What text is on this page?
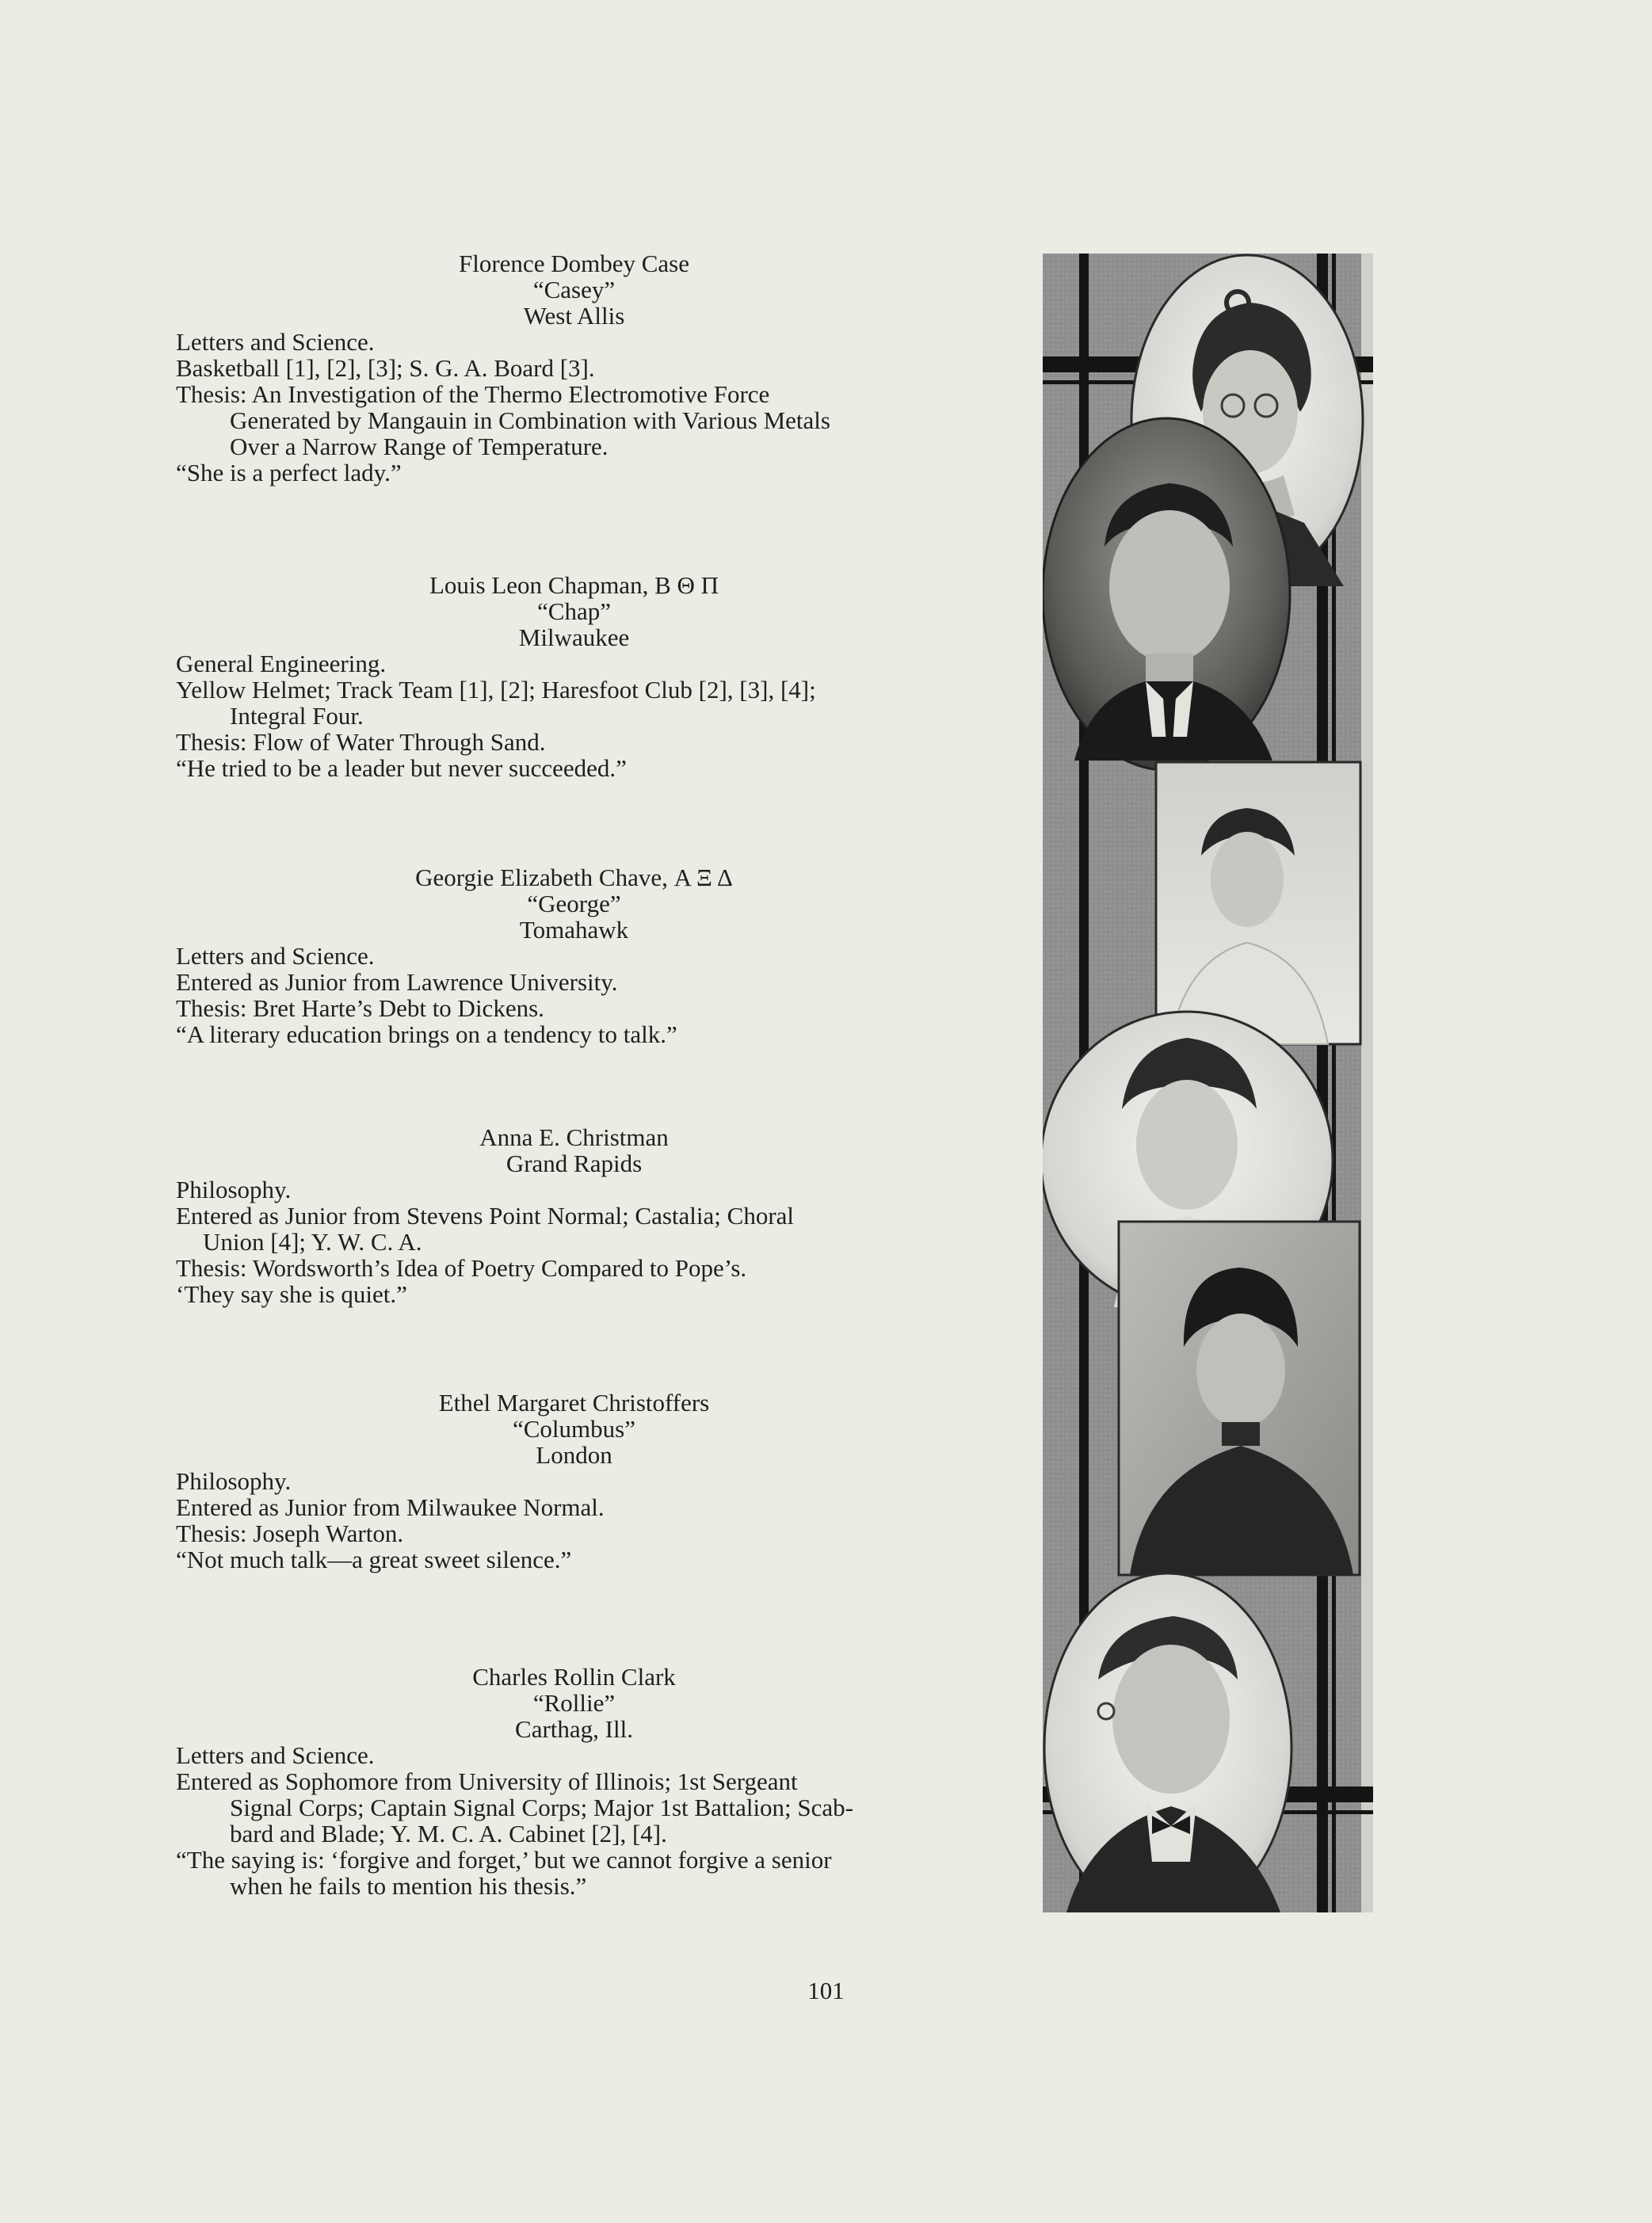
Florence Dombey Case
“Casey”
West Allis
Letters and Science.
Basketball [1], [2], [3]; S. G. A. Board [3].
Thesis: An Investigation of the Thermo Electromotive Force
Generated by Mangauin in Combination with Various Metals
Over a Narrow Range of Temperature.
“She is a perfect lady.”
Louis Leon Chapman, Β Θ Π
“Chap”
Milwaukee
General Engineering.
Yellow Helmet; Track Team [1], [2]; Haresfoot Club [2], [3], [4];
Integral Four.
Thesis: Flow of Water Through Sand.
“He tried to be a leader but never succeeded.”
Georgie Elizabeth Chave, Α Ξ Δ
“George”
Tomahawk
Letters and Science.
Entered as Junior from Lawrence University.
Thesis: Bret Harte’s Debt to Dickens.
“A literary education brings on a tendency to talk.”
Anna E. Christman
Grand Rapids
Philosophy.
Entered as Junior from Stevens Point Normal; Castalia; Choral
Union [4]; Y. W. C. A.
Thesis: Wordsworth’s Idea of Poetry Compared to Pope’s.
‘They say she is quiet.”
Ethel Margaret Christoffers
“Columbus”
London
Philosophy.
Entered as Junior from Milwaukee Normal.
Thesis: Joseph Warton.
“Not much talk—a great sweet silence.”
Charles Rollin Clark
“Rollie”
Carthag, Ill.
Letters and Science.
Entered as Sophomore from University of Illinois; 1st Sergeant
Signal Corps; Captain Signal Corps; Major 1st Battalion; Scab-
bard and Blade; Y. M. C. A. Cabinet [2], [4].
“The saying is: ‘forgive and forget,’ but we cannot forgive a senior
when he fails to mention his thesis.”
101
